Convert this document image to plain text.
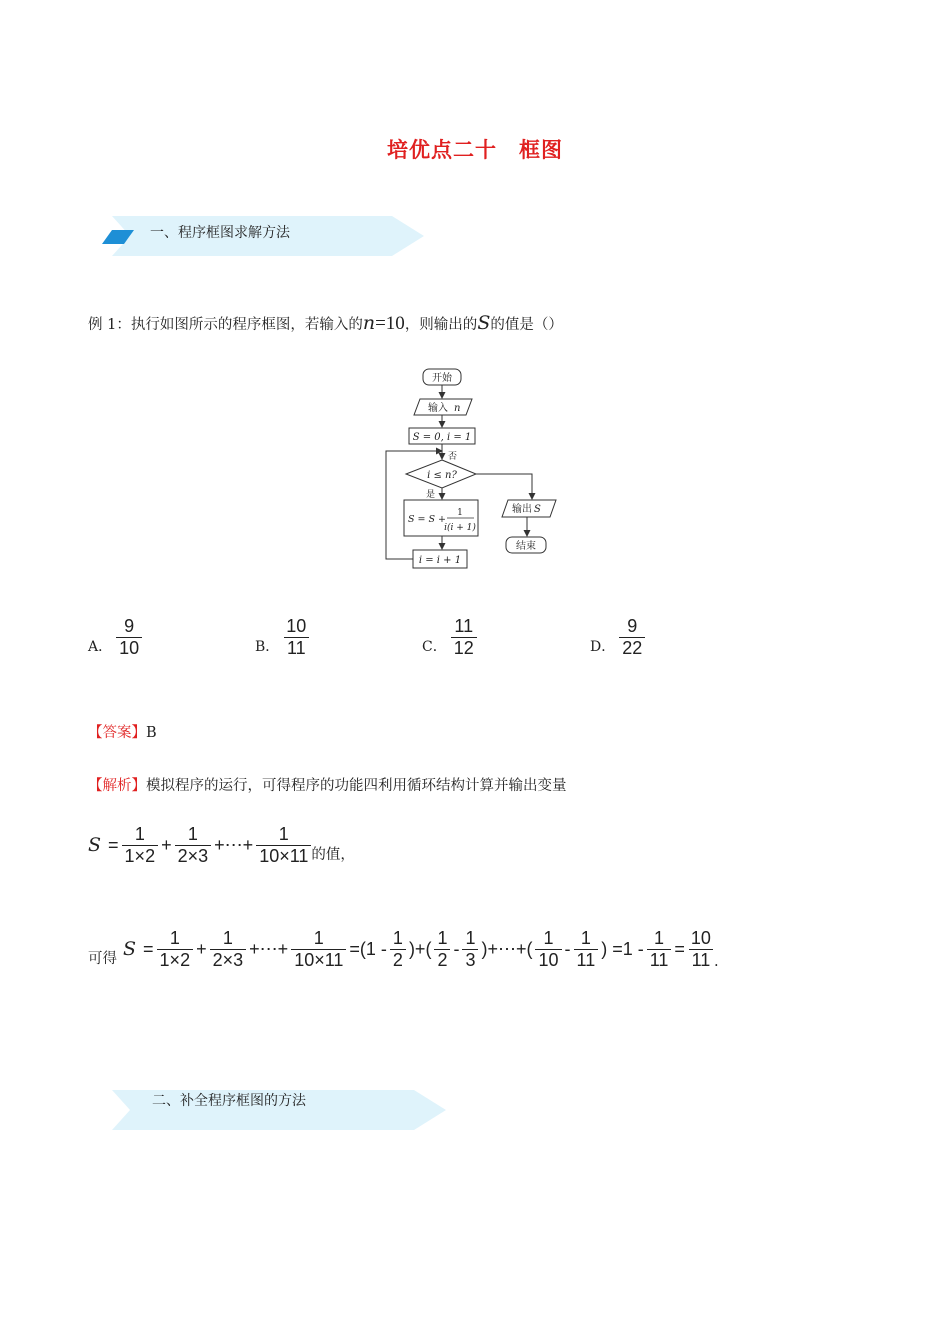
培优点二十　框图
一、程序框图求解方法
例 1：执行如图所示的程序框图，若输入的n=10，则输出的S的值是（）
开始
输入 n
S = 0, i = 1
否
i ≤ n?
是
S = S +
1
i(i + 1)
输出 S
结束
i = i + 1
A． $\frac{9}{10}$	B． $\frac{10}{11}$	C． $\frac{11}{12}$	D． $\frac{9}{22}$
【答案】B
【解析】模拟程序的运行，可得程序的功能四利用循环结构计算并输出变量
$S = \frac{1}{1\times 2} + \frac{1}{2\times 3}$ +⋯+ $\frac{1}{10\times 11}$ 的值，
可得 $S = \frac{1}{1\times 2} + \frac{1}{2\times 3}$ +⋯+ $\frac{1}{10\times 11} =(1 - \frac{1}{2}$ )+( $\frac{1}{2} - \frac{1}{3}$ )+⋯+( $\frac{1}{10} - \frac{1}{11}$ ) $=1 - \frac{1}{11} = \frac{10}{11}$ .
二、补全程序框图的方法
